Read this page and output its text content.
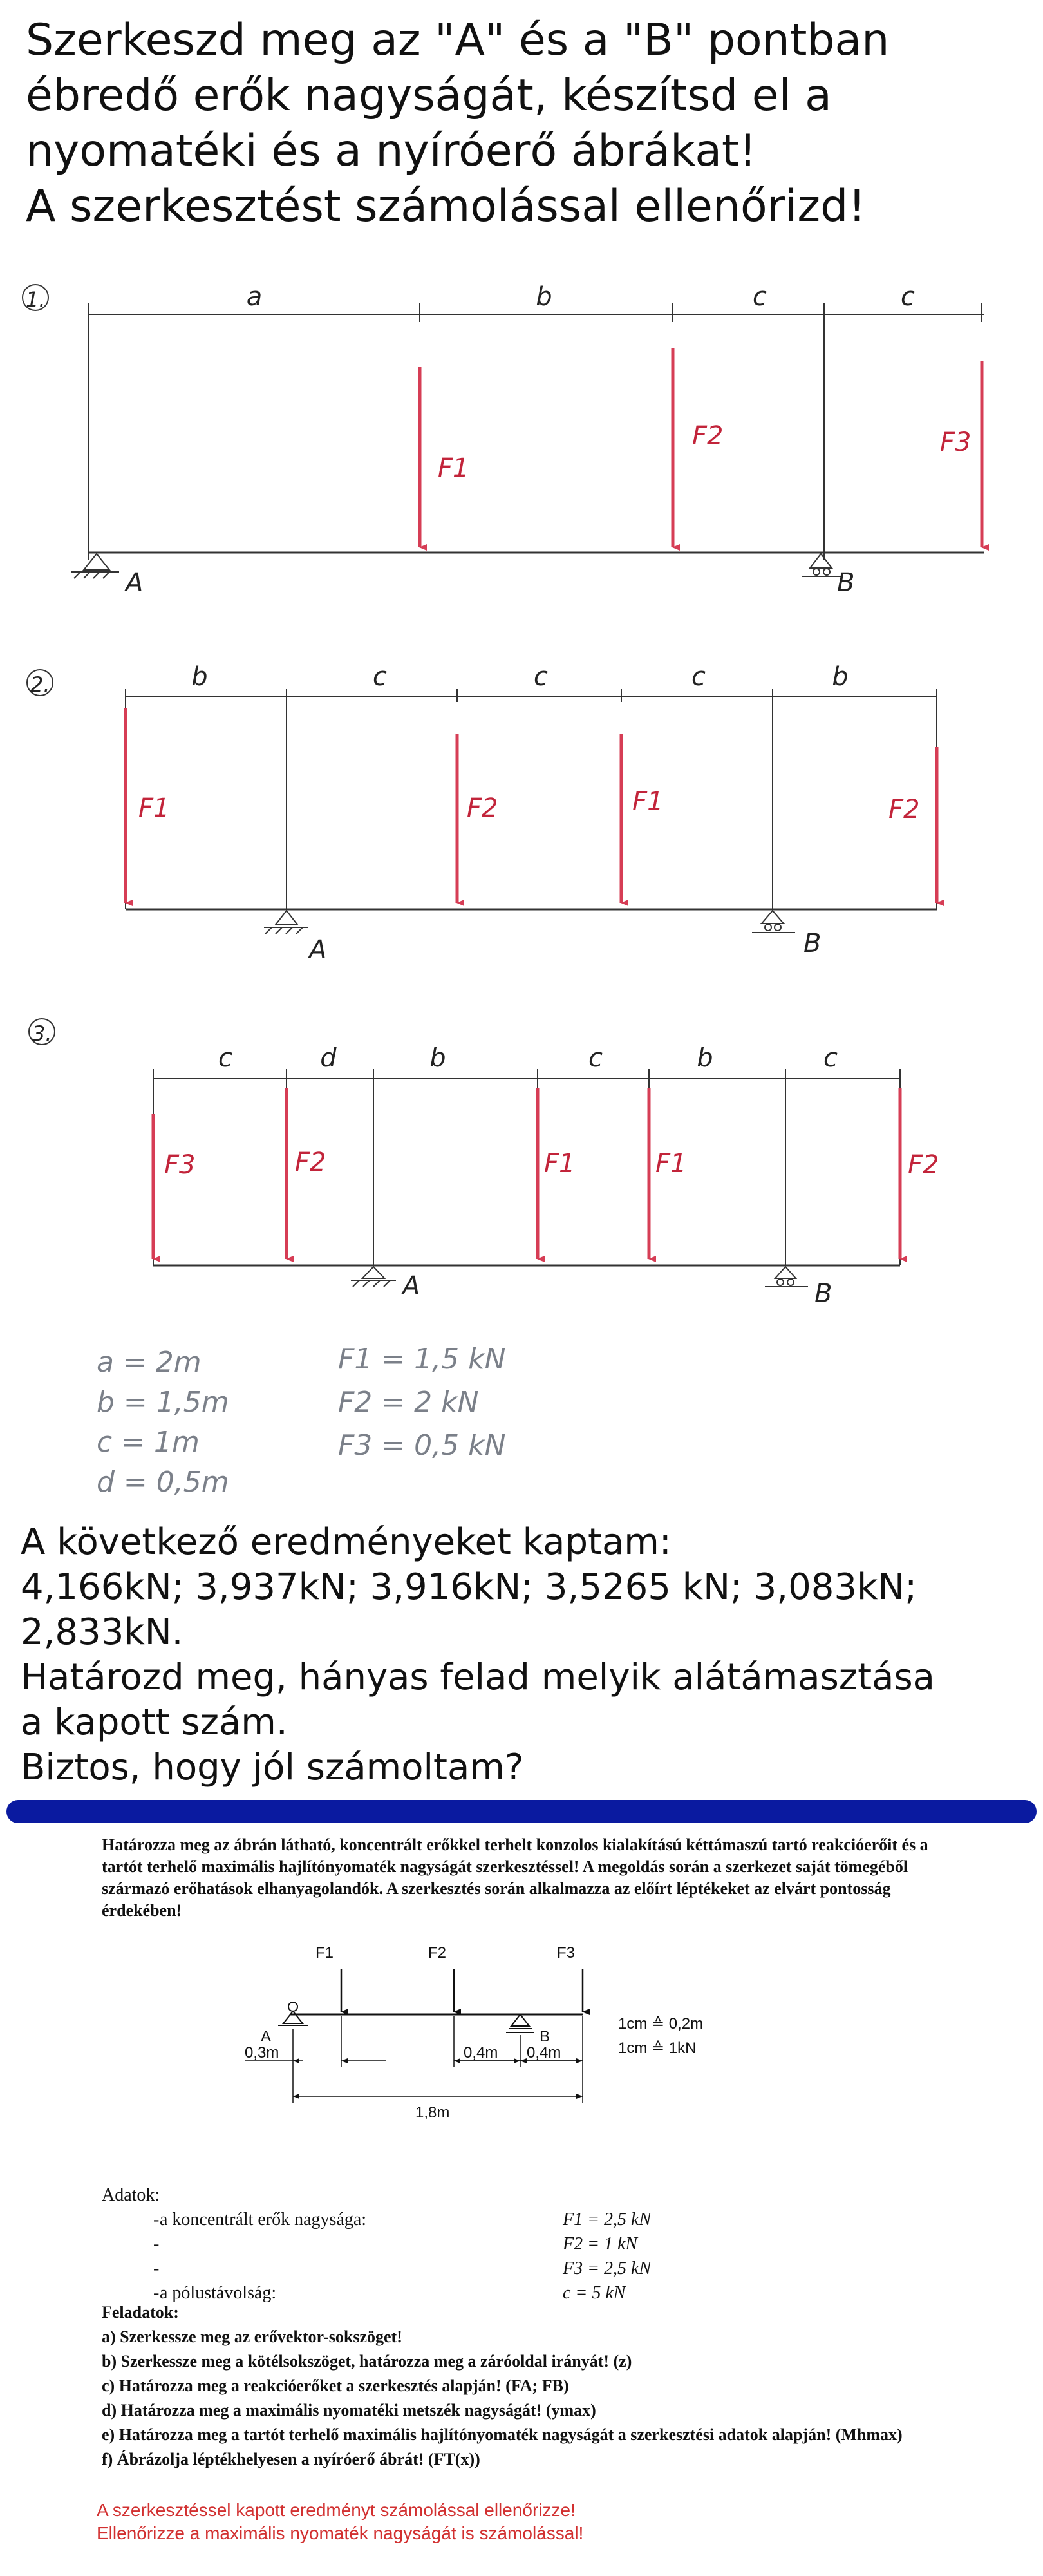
Szerkeszd meg az "A" és a "B" pontban
ébredő erők nagyságát, készítsd el a
nyomatéki és a nyíróerő ábrákat!
A szerkesztést számolással ellenőrizd!
1.	a	b	c	c
F1
F2	F3
A	B
2.	b	c	c	c	b
F1	F2	F1	F2
A	B
3.
c	d	b	c	b	c
F3	F2	F1	F1	F2
A	B
a = 2m
b = 1,5m
c = 1m
d = 0,5m
F1 = 1,5 kN
F2 = 2 kN
F3 = 0,5 kN
A következő eredményeket kaptam:
4,166kN; 3,937kN; 3,916kN; 3,5265 kN; 3,083kN;
2,833kN.
Határozd meg, hányas felad melyik alátámasztása
a kapott szám.
Biztos, hogy jól számoltam?
Határozza meg az ábrán látható, koncentrált erőkkel terhelt konzolos kialakítású kéttámaszú tartó reakcióerőit és a tartót terhelő maximális hajlítónyomaték nagyságát szerkesztéssel! A megoldás során a szerkezet saját tömegéből származó erőhatások elhanyagolandók. A szerkesztés során alkalmazza az előírt léptékeket az elvárt pontosság érdekében!
F1	F2	F3
A	B
0,3m	0,4m 0,4m
1,8m
1cm ≙ 0,2m
1cm ≙ 1kN
Adatok:
- a koncentrált erők nagysága:	F1 = 2,5 kN
-	F2 = 1 kN
-	F3 = 2,5 kN
- a pólustávolság:	c = 5 kN
Feladatok:
a) Szerkessze meg az erővektor-sokszöget!
b) Szerkessze meg a kötélsokszöget, határozza meg a záróoldal irányát! (z)
c) Határozza meg a reakcióerőket a szerkesztés alapján! (FA; FB)
d) Határozza meg a maximális nyomatéki metszék nagyságát! (ymax)
e) Határozza meg a tartót terhelő maximális hajlítónyomaték nagyságát a szerkesztési adatok alapján! (Mhmax)
f) Ábrázolja léptékhelyesen a nyíróerő ábrát! (FT(x))
A szerkesztéssel kapott eredményt számolással ellenőrizze!
Ellenőrizze a maximális nyomaték nagyságát is számolással!
